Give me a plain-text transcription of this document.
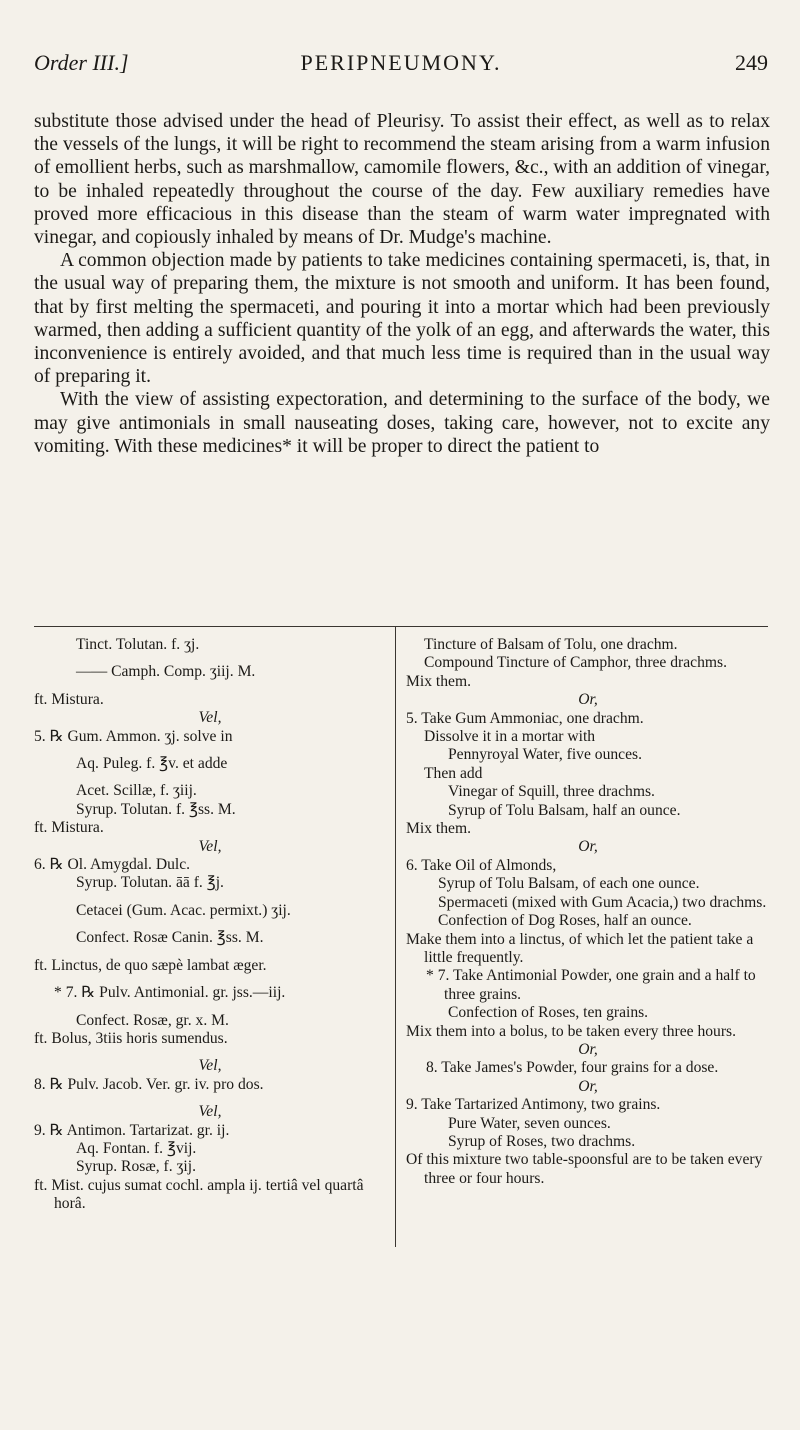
Order III.]	PERIPNEUMONY.	249

substitute those advised under the head of Pleurisy. To assist their effect, as well as to relax the vessels of the lungs, it will be right to recommend the steam arising from a warm infusion of emollient herbs, such as marshmallow, camomile flowers, &c., with an addition of vinegar, to be inhaled repeatedly throughout the course of the day. Few auxiliary remedies have proved more efficacious in this disease than the steam of warm water impregnated with vinegar, and copiously inhaled by means of Dr. Mudge's machine.

A common objection made by patients to take medicines containing spermaceti, is, that, in the usual way of preparing them, the mixture is not smooth and uniform. It has been found, that by first melting the spermaceti, and pouring it into a mortar which had been previously warmed, then adding a sufficient quantity of the yolk of an egg, and afterwards the water, this inconvenience is entirely avoided, and that much less time is required than in the usual way of preparing it.

With the view of assisting expectoration, and determining to the surface of the body, we may give antimonials in small nauseating doses, taking care, however, not to excite any vomiting. With these medicines* it will be proper to direct the patient to

Tinct. Tolutan. f. ʒj.
—— Camph. Comp. ʒiij. M.
ft. Mistura.
Vel,
5. ℞ Gum. Ammon. ʒj. solve in
Aq. Puleg. f. ℥v. et adde
Acet. Scillæ, f. ʒiij.
Syrup. Tolutan. f. ℥ss. M.
ft. Mistura.
Vel,
6. ℞ Ol. Amygdal. Dulc.
Syrup. Tolutan. āā f. ℥j.
Cetacei (Gum. Acac. permixt.) ʒij.
Confect. Rosæ Canin. ℥ss. M.
ft. Linctus, de quo sæpè lambat æger.
* 7. ℞ Pulv. Antimonial. gr. jss.—iij.
Confect. Rosæ, gr. x. M.
ft. Bolus, 3tiis horis sumendus.
Vel,
8. ℞ Pulv. Jacob. Ver. gr. iv. pro dos.
Vel,
9. ℞ Antimon. Tartarizat. gr. ij.
Aq. Fontan. f. ℥vij.
Syrup. Rosæ, f. ʒij.
ft. Mist. cujus sumat cochl. ampla ij. tertiâ vel quartâ horâ.
Tincture of Balsam of Tolu, one drachm.
Compound Tincture of Camphor, three drachms.
Mix them.
Or,
5. Take Gum Ammoniac, one drachm.
Dissolve it in a mortar with
Pennyroyal Water, five ounces.
Then add
Vinegar of Squill, three drachms.
Syrup of Tolu Balsam, half an ounce.
Mix them.
Or,
6. Take Oil of Almonds,
Syrup of Tolu Balsam, of each one ounce.
Spermaceti (mixed with Gum Acacia,) two drachms.
Confection of Dog Roses, half an ounce.
Make them into a linctus, of which let the patient take a little frequently.
* 7. Take Antimonial Powder, one grain and a half to three grains.
Confection of Roses, ten grains.
Mix them into a bolus, to be taken every three hours.
Or,
8. Take James's Powder, four grains for a dose.
Or,
9. Take Tartarized Antimony, two grains.
Pure Water, seven ounces.
Syrup of Roses, two drachms.
Of this mixture two table-spoonsful are to be taken every three or four hours.
